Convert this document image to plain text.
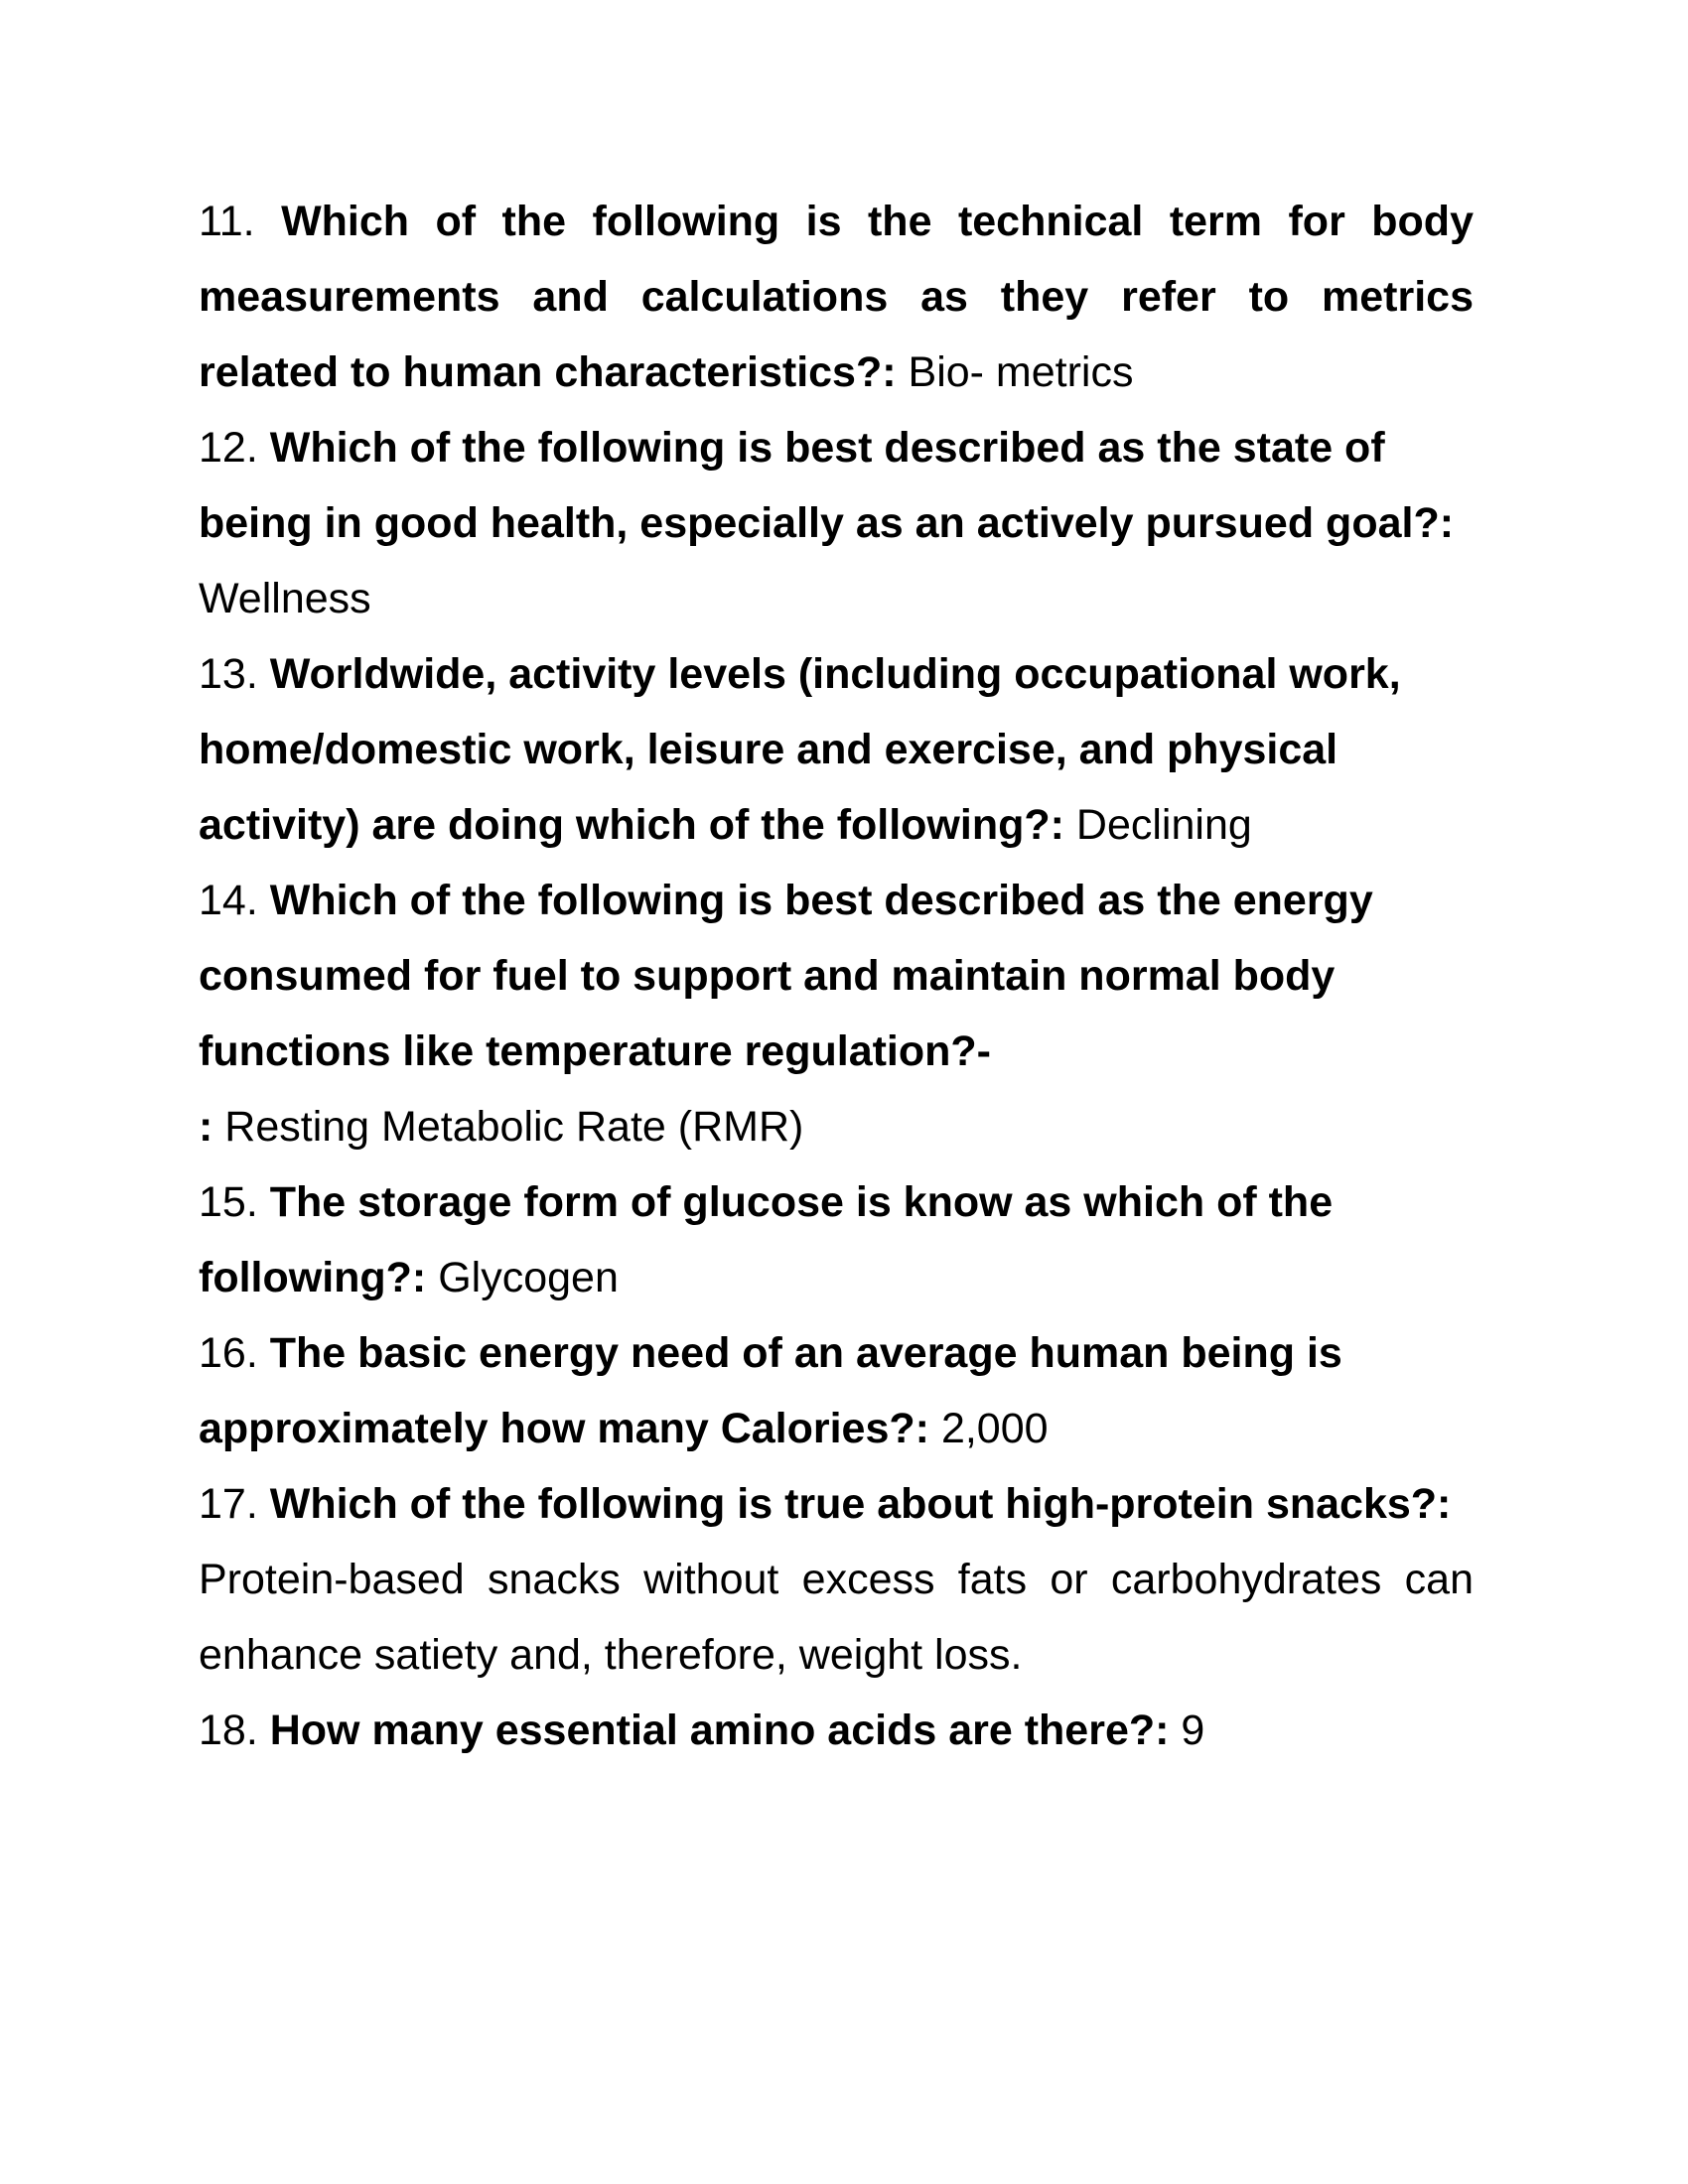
11. Which of the following is the technical term for body measurements and calculations as they refer to metrics related to human characteristics?: Bio- metrics

12. Which of the following is best described as the state of being in good health, especially as an actively pursued goal?: Wellness

13. Worldwide, activity levels (including occupational work, home/domestic work, leisure and exercise, and physical activity) are doing which of the following?: Declining

14. Which of the following is best described as the energy consumed for fuel to support and maintain normal body functions like temperature regulation?-

: Resting Metabolic Rate (RMR)

15. The storage form of glucose is know as which of the following?: Glycogen

16. The basic energy need of an average human being is approximately how many Calories?: 2,000

17. Which of the following is true about high-protein snacks?:

Protein-based snacks without excess fats or carbohydrates can enhance satiety and, therefore, weight loss.

18. How many essential amino acids are there?: 9
